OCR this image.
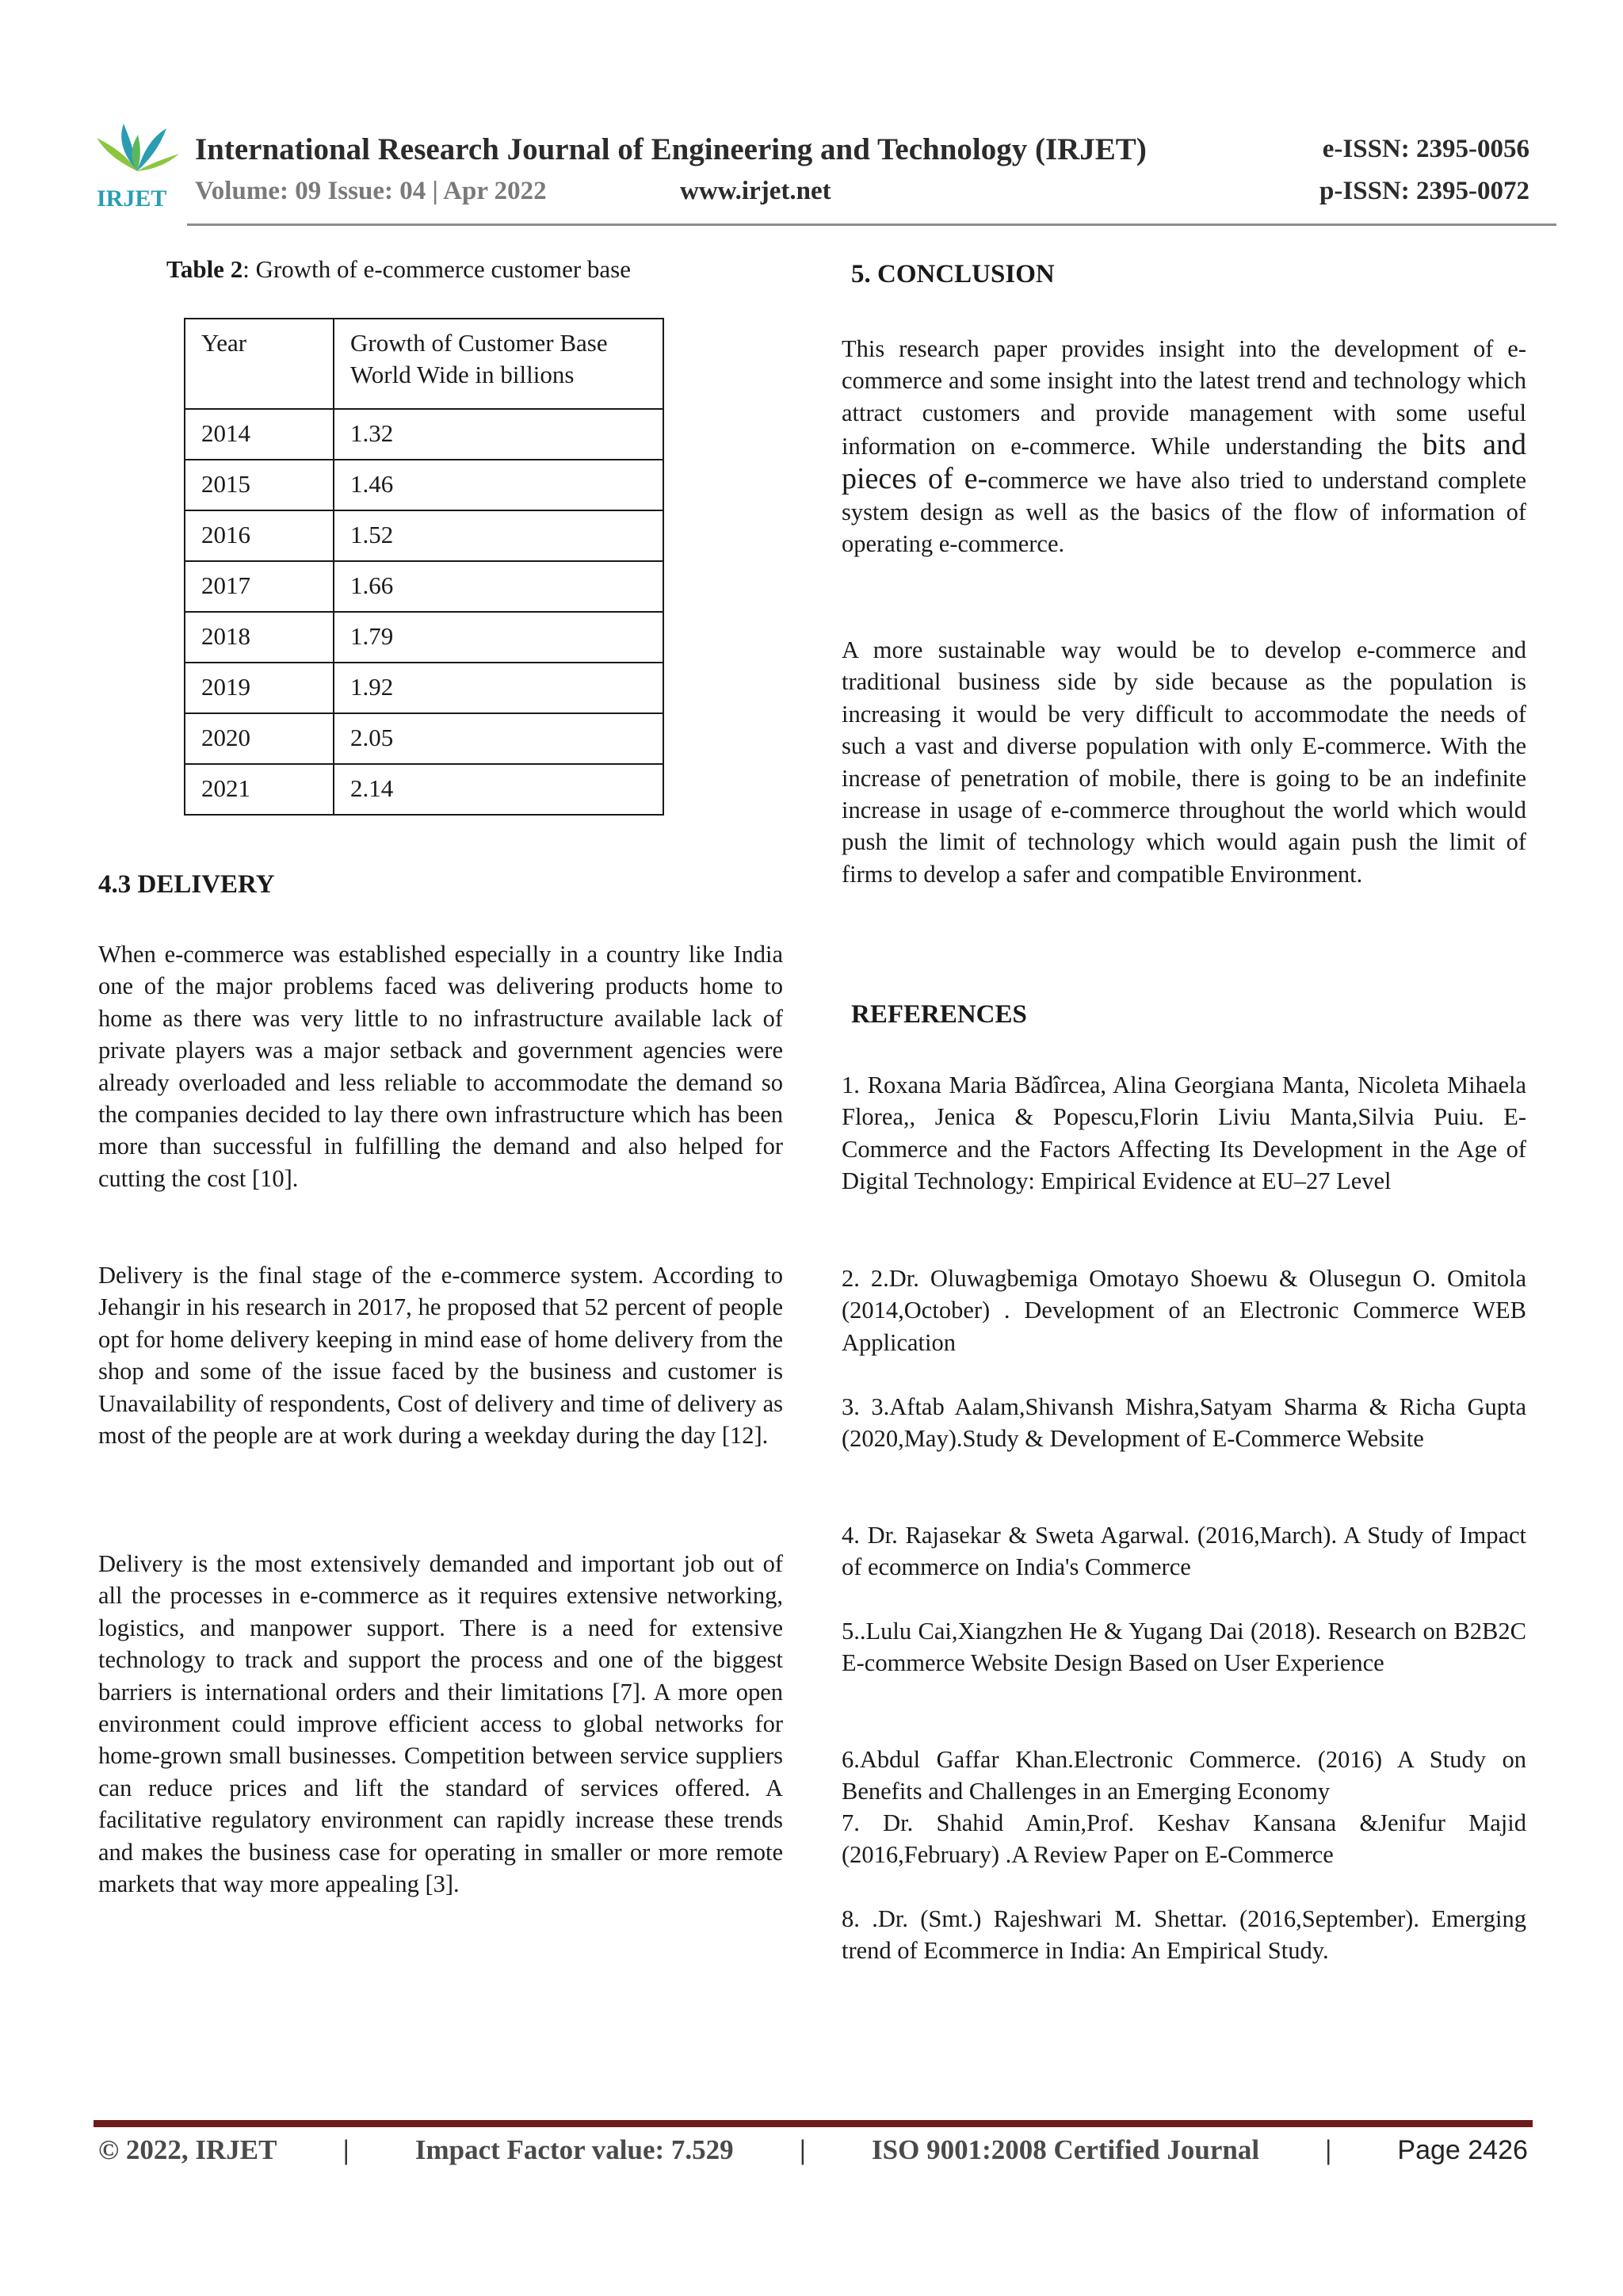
IRJET
International Research Journal of Engineering and Technology (IRJET)	e-ISSN: 2395-0056
Volume: 09 Issue: 04 | Apr 2022	www.irjet.net	p-ISSN: 2395-0072
Table 2: Growth of e-commerce customer base
Year	Growth of Customer Base World Wide in billions
2014	1.32
2015	1.46
2016	1.52
2017	1.66
2018	1.79
2019	1.92
2020	2.05
2021	2.14
4.3 DELIVERY

When e-commerce was established especially in a country like India one of the major problems faced was delivering products home to home as there was very little to no infrastructure available lack of private players was a major setback and government agencies were already overloaded and less reliable to accommodate the demand so the companies decided to lay there own infrastructure which has been more than successful in fulfilling the demand and also helped for cutting the cost [10].

Delivery is the final stage of the e-commerce system. According to Jehangir in his research in 2017, he proposed that 52 percent of people opt for home delivery keeping in mind ease of home delivery from the shop and some of the issue faced by the business and customer is Unavailability of respondents, Cost of delivery and time of delivery as most of the people are at work during a weekday during the day [12].

Delivery is the most extensively demanded and important job out of all the processes in e-commerce as it requires extensive networking, logistics, and manpower support. There is a need for extensive technology to track and support the process and one of the biggest barriers is international orders and their limitations [7]. A more open environment could improve efficient access to global networks for home-grown small businesses. Competition between service suppliers can reduce prices and lift the standard of services offered. A facilitative regulatory environment can rapidly increase these trends and makes the business case for operating in smaller or more remote markets that way more appealing [3].

5. CONCLUSION

This research paper provides insight into the development of e-commerce and some insight into the latest trend and technology which attract customers and provide management with some useful information on e-commerce. While understanding the bits and pieces of e-commerce we have also tried to understand complete system design as well as the basics of the flow of information of operating e-commerce.

A more sustainable way would be to develop e-commerce and traditional business side by side because as the population is increasing it would be very difficult to accommodate the needs of such a vast and diverse population with only E-commerce. With the increase of penetration of mobile, there is going to be an indefinite increase in usage of e-commerce throughout the world which would push the limit of technology which would again push the limit of firms to develop a safer and compatible Environment.

REFERENCES

1. Roxana Maria Bădîrcea, Alina Georgiana Manta, Nicoleta Mihaela Florea,, Jenica & Popescu,Florin Liviu Manta,Silvia Puiu. E-Commerce and the Factors Affecting Its Development in the Age of Digital Technology: Empirical Evidence at EU–27 Level

2. 2.Dr. Oluwagbemiga Omotayo Shoewu & Olusegun O. Omitola (2014,October) . Development of an Electronic Commerce WEB Application

3. 3.Aftab Aalam,Shivansh Mishra,Satyam Sharma & Richa Gupta (2020,May).Study & Development of E-Commerce Website

4. Dr. Rajasekar & Sweta Agarwal. (2016,March). A Study of Impact of ecommerce on India's Commerce

5..Lulu Cai,Xiangzhen He & Yugang Dai (2018). Research on B2B2C E-commerce Website Design Based on User Experience

6.Abdul Gaffar Khan.Electronic Commerce. (2016) A Study on Benefits and Challenges in an Emerging Economy

7. Dr. Shahid Amin,Prof. Keshav Kansana &Jenifur Majid (2016,February) .A Review Paper on E-Commerce

8. .Dr. (Smt.) Rajeshwari M. Shettar. (2016,September). Emerging trend of Ecommerce in India: An Empirical Study.

© 2022, IRJET | Impact Factor value: 7.529 | ISO 9001:2008 Certified Journal | Page 2426
